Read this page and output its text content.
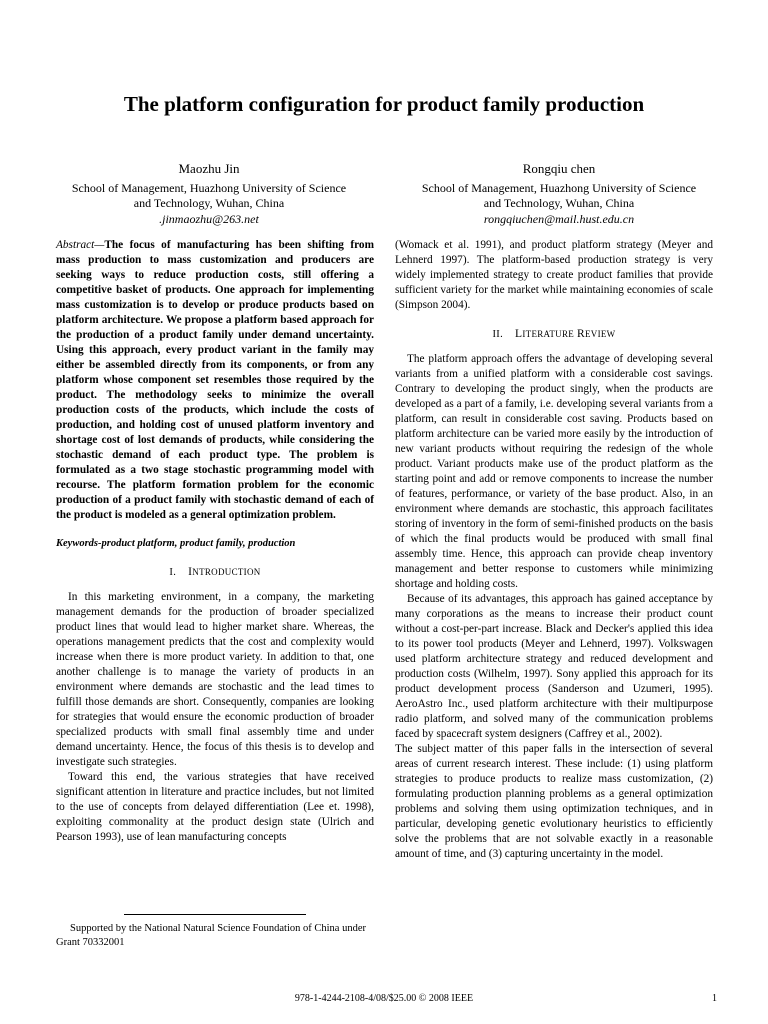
The platform configuration for product family production
Maozhu Jin
School of Management, Huazhong University of Science
and Technology, Wuhan, China
.jinmaozhu@263.net
Rongqiu chen
School of Management, Huazhong University of Science
and Technology, Wuhan, China
rongqiuchen@mail.hust.edu.cn

Abstract—The focus of manufacturing has been shifting from mass production to mass customization and producers are seeking ways to reduce production costs, still offering a competitive basket of products. One approach for implementing mass customization is to develop or produce products based on platform architecture. We propose a platform based approach for the production of a product family under demand uncertainty. Using this approach, every product variant in the family may either be assembled directly from its components, or from any platform whose component set resembles those required by the product. The methodology seeks to minimize the overall production costs of the products, which include the costs of production, and holding cost of unused platform inventory and shortage cost of lost demands of products, while considering the stochastic demand of each product type. The problem is formulated as a two stage stochastic programming model with recourse. The platform formation problem for the economic production of a product family with stochastic demand of each of the product is modeled as a general optimization problem.

Keywords-product platform, product family, production

I. INTRODUCTION

In this marketing environment, in a company, the marketing management demands for the production of broader specialized product lines that would lead to higher market share. Whereas, the operations management predicts that the cost and complexity would increase when there is more product variety. In addition to that, one another challenge is to manage the variety of products in an environment where demands are stochastic and the lead times to fulfill those demands are short. Consequently, companies are looking for strategies that would ensure the economic production of broader specialized products with small final assembly time and under demand uncertainty. Hence, the focus of this thesis is to develop and investigate such strategies.

Toward this end, the various strategies that have received significant attention in literature and practice includes, but not limited to the use of concepts from delayed differentiation (Lee et. 1998), exploiting commonality at the product design state (Ulrich and Pearson 1993), use of lean manufacturing concepts

(Womack et al. 1991), and product platform strategy (Meyer and Lehnerd 1997). The platform-based production strategy is very widely implemented strategy to create product families that provide sufficient variety for the market while maintaining economies of scale (Simpson 2004).

II. LITERATURE REVIEW

The platform approach offers the advantage of developing several variants from a unified platform with a considerable cost savings. Contrary to developing the product singly, when the products are developed as a part of a family, i.e. developing several variants from a platform, can result in considerable cost saving. Products based on platform architecture can be varied more easily by the introduction of new variant products without requiring the redesign of the whole product. Variant products make use of the product platform as the starting point and add or remove components to increase the number of features, performance, or variety of the base product. Also, in an environment where demands are stochastic, this approach facilitates storing of inventory in the form of semi-finished products on the basis of which the final products would be produced with small final assembly time. Hence, this approach can provide cheap inventory management and better response to customers while minimizing shortage and holding costs.

Because of its advantages, this approach has gained acceptance by many corporations as the means to increase their product count without a cost-per-part increase. Black and Decker's applied this idea to its power tool products (Meyer and Lehnerd, 1997). Volkswagen used platform architecture strategy and reduced development and production costs (Wilhelm, 1997). Sony applied this approach for its product development process (Sanderson and Uzumeri, 1995). AeroAstro Inc., used platform architecture with their multipurpose radio platform, and solved many of the communication problems faced by spacecraft system designers (Caffrey et al., 2002).

The subject matter of this paper falls in the intersection of several areas of current research interest. These include: (1) using platform strategies to produce products to realize mass customization, (2) formulating production planning problems as a general optimization problems and solving them using optimization techniques, and in particular, developing genetic evolutionary heuristics to efficiently solve the problems that are not solvable exactly in a reasonable amount of time, and (3) capturing uncertainty in the model.

Supported by the National Natural Science Foundation of China under Grant 70332001
978-1-4244-2108-4/08/$25.00 © 2008 IEEE	1
